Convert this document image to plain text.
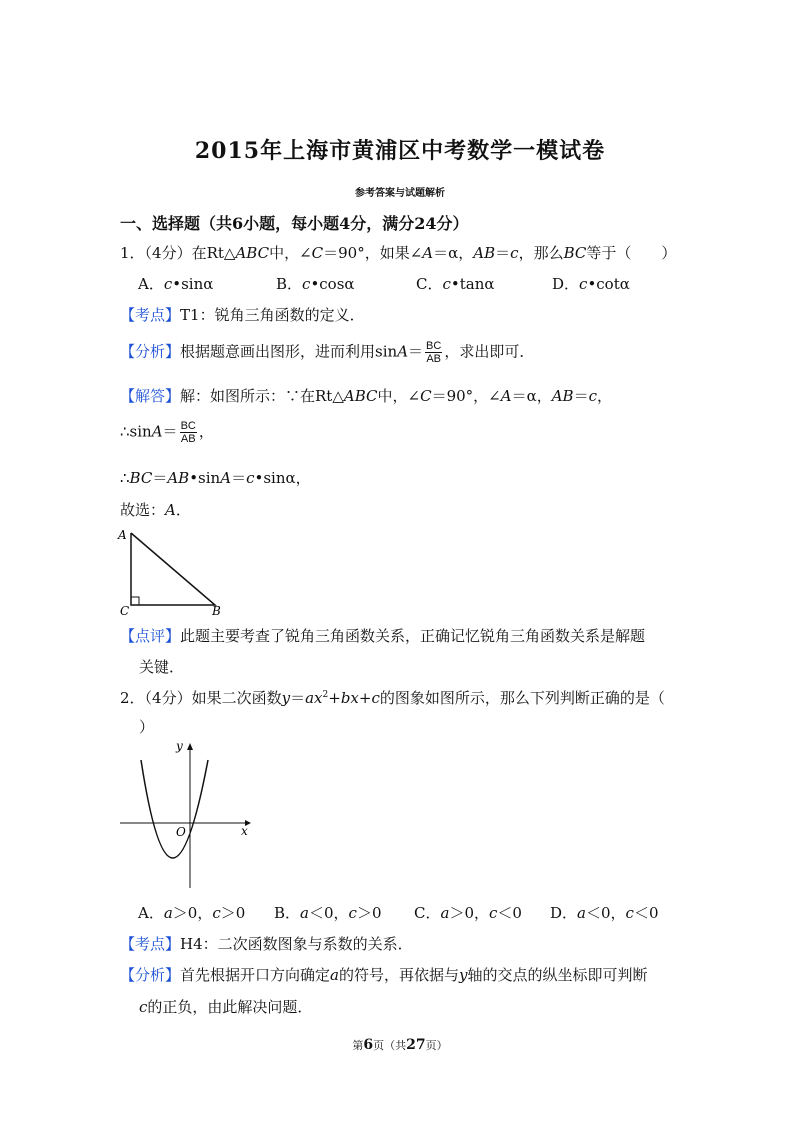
2015年上海市黄浦区中考数学一模试卷
参考答案与试题解析
一、选择题（共6小题，每小题4分，满分24分）
1．（4分）在Rt△ABC中，∠C＝90°，如果∠A＝α，AB＝c，那么BC等于（　　）
A．c•sinα	B．c•cosα	C．c•tanα	D．c•cotα
【考点】T1：锐角三角函数的定义．
【分析】根据题意画出图形，进而利用$\sin A= \frac{BC}{AB}$ ，求出即可．
【解答】解：如图所示：∵在Rt△ABC中，∠C＝90°，∠A＝α，AB＝c，
∴sinA＝ $\frac{BC}{AB}$ ，
∴BC＝AB•sinA＝c•sinα，
故选：A．
A
C	B
【点评】此题主要考查了锐角三角函数关系，正确记忆锐角三角函数关系是解题
关键．
2．（4分）如果二次函数$y=ax^2+bx+c$的图象如图所示，那么下列判断正确的是（
）
y
x
O
A．a＞0，c＞0 B．a＜0，c＞0 C．a＞0，c＜0 D．a＜0，c＜0
【考点】H4：二次函数图象与系数的关系．
【分析】首先根据开口方向确定a的符号，再依据与y轴的交点的纵坐标即可判断
c的正负，由此解决问题．
第6页（共27页）
